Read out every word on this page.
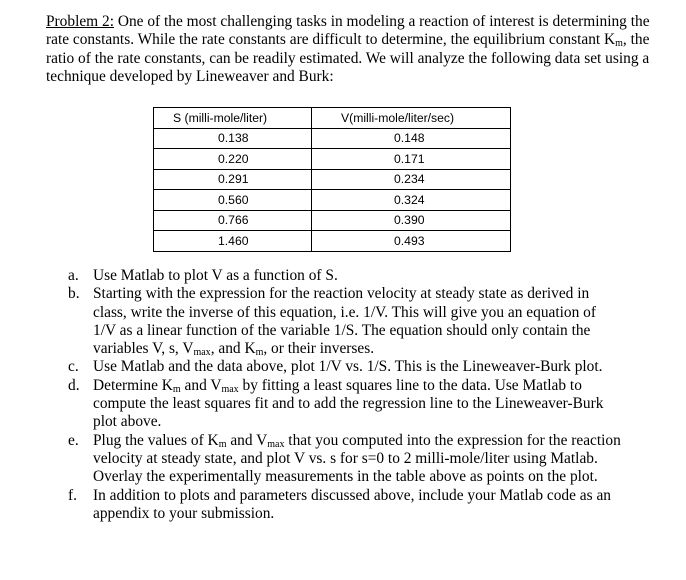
Problem 2: One of the most challenging tasks in modeling a reaction of interest is determining the rate constants. While the rate constants are difficult to determine, the equilibrium constant $K_m$, the ratio of the rate constants, can be readily estimated. We will analyze the following data set using a technique developed by Lineweaver and Burk:

S (milli-mole/liter)	V(milli-mole/liter/sec)
0.138	0.148
0.220	0.171
0.291	0.234
0.560	0.324
0.766	0.390
1.460	0.493
a. Use Matlab to plot V as a function of S.
b. Starting with the expression for the reaction velocity at steady state as derived in class, write the inverse of this equation, i.e. 1/V. This will give you an equation of 1/V as a linear function of the variable 1/S. The equation should only contain the variables V, s, $V_{max}$, and $K_m$, or their inverses.
c. Use Matlab and the data above, plot 1/V vs. 1/S. This is the Lineweaver-Burk plot.
d. Determine $K_m$ and $V_{max}$ by fitting a least squares line to the data. Use Matlab to compute the least squares fit and to add the regression line to the Lineweaver-Burk plot above.
e. Plug the values of $K_m$ and $V_{max}$ that you computed into the expression for the reaction velocity at steady state, and plot V vs. s for s=0 to 2 milli-mole/liter using Matlab. Overlay the experimentally measurements in the table above as points on the plot.
f. In addition to plots and parameters discussed above, include your Matlab code as an appendix to your submission.
